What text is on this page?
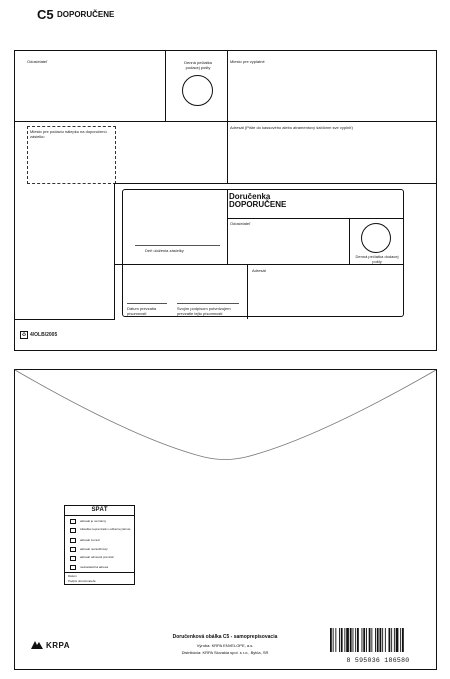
C5 DOPORUČENE
Odosielateľ	Denná pečiatka podacej pošty
Miesto pre vyplatné
Miesto pre podaciu nálepku na doporučenú zásielku
Adresát (Píšte do kassového alebo atramentový šablónm sve vyplniť)
Doručenka
DOPORUČENE
Odosielateľ
Denná pečiatka dodacej pošty
Deň uloženia zásielky
Adresát
Dátum prevzatia písomnosti
Svojím podpisom potvrdzujem prevzatie tejto písomnosti
♻ 4/OLB/2005
SPÄŤ
adresát je neznámy
zásielka neprevzatá v odbernej lehote
adresát zomrel
adresát nezastihnutý
adresát odmietol prevziať
nedostatočná adresa
Dátum
Podpis doručovateľa
KRPA
Doručenková obálka C5 - samoprepisovacia
Výroba: KRPA ENVELOPE, a.s.
Distribúcia: KRPA Slovakia spol. s r.o., Bytča, SR
8 595036 186580
